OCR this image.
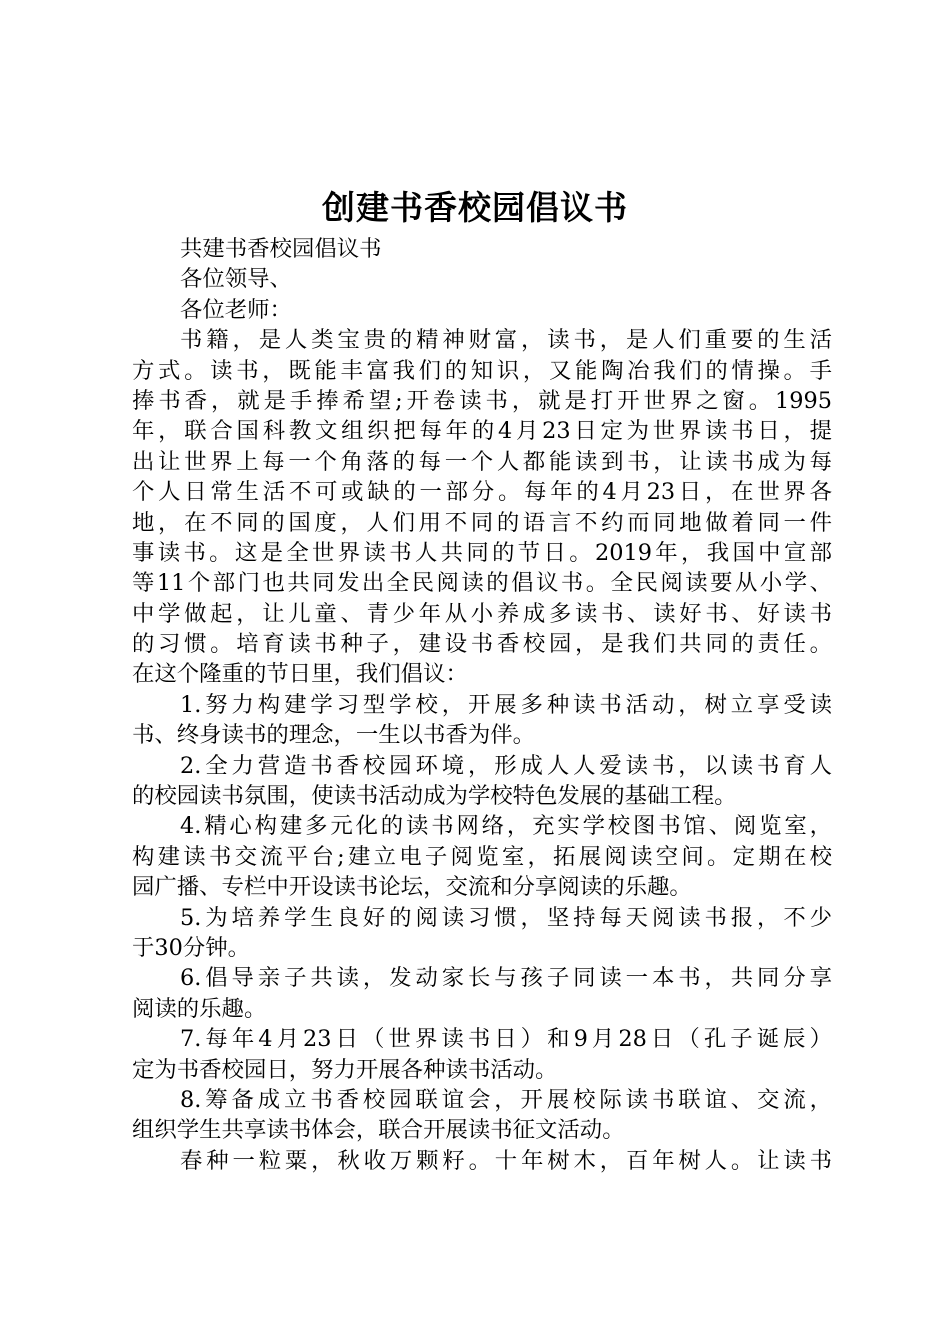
创建书香校园倡议书
共建书香校园倡议书
各位领导、
各位老师：
书籍，是人类宝贵的精神财富，读书，是人们重要的生活
方式。读书，既能丰富我们的知识，又能陶冶我们的情操。手
捧书香，就是手捧希望;开卷读书，就是打开世界之窗。1995
年，联合国科教文组织把每年的4月23日定为世界读书日，提
出让世界上每一个角落的每一个人都能读到书，让读书成为每
个人日常生活不可或缺的一部分。每年的4月23日，在世界各
地，在不同的国度，人们用不同的语言不约而同地做着同一件
事读书。这是全世界读书人共同的节日。2019年，我国中宣部
等11个部门也共同发出全民阅读的倡议书。全民阅读要从小学、
中学做起，让儿童、青少年从小养成多读书、读好书、好读书
的习惯。培育读书种子，建设书香校园，是我们共同的责任。
在这个隆重的节日里，我们倡议：
1.努力构建学习型学校，开展多种读书活动，树立享受读
书、终身读书的理念，一生以书香为伴。
2.全力营造书香校园环境，形成人人爱读书，以读书育人
的校园读书氛围，使读书活动成为学校特色发展的基础工程。
4.精心构建多元化的读书网络，充实学校图书馆、阅览室，
构建读书交流平台;建立电子阅览室，拓展阅读空间。定期在校
园广播、专栏中开设读书论坛，交流和分享阅读的乐趣。
5.为培养学生良好的阅读习惯，坚持每天阅读书报，不少
于30分钟。
6.倡导亲子共读，发动家长与孩子同读一本书，共同分享
阅读的乐趣。
7.每年4月23日（世界读书日）和9月28日（孔子诞辰）
定为书香校园日，努力开展各种读书活动。
8.筹备成立书香校园联谊会，开展校际读书联谊、交流，
组织学生共享读书体会，联合开展读书征文活动。
春种一粒粟，秋收万颗籽。十年树木，百年树人。让读书
